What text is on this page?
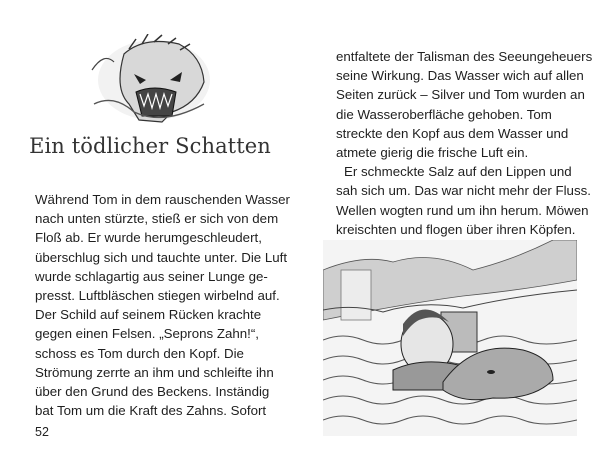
Ein tödlicher Schatten
Während Tom in dem rauschenden Wasser
nach unten stürzte, stieß er sich von dem
Floß ab. Er wurde herumgeschleudert,
überschlug sich und tauchte unter. Die Luft
wurde schlagartig aus seiner Lunge ge-
presst. Luftbläschen stiegen wirbelnd auf.
Der Schild auf seinem Rücken krachte
gegen einen Felsen. „Seprons Zahn!“,
schoss es Tom durch den Kopf. Die
Strömung zerrte an ihm und schleifte ihn
über den Grund des Beckens. Inständig
bat Tom um die Kraft des Zahns. Sofort
52
entfaltete der Talisman des Seeungeheuers
seine Wirkung. Das Wasser wich auf allen
Seiten zurück – Silver und Tom wurden an
die Wasseroberfläche gehoben. Tom
streckte den Kopf aus dem Wasser und
atmete gierig die frische Luft ein.
Er schmeckte Salz auf den Lippen und
sah sich um. Das war nicht mehr der Fluss.
Wellen wogten rund um ihn herum. Möwen
kreischten und flogen über ihren Köpfen.
